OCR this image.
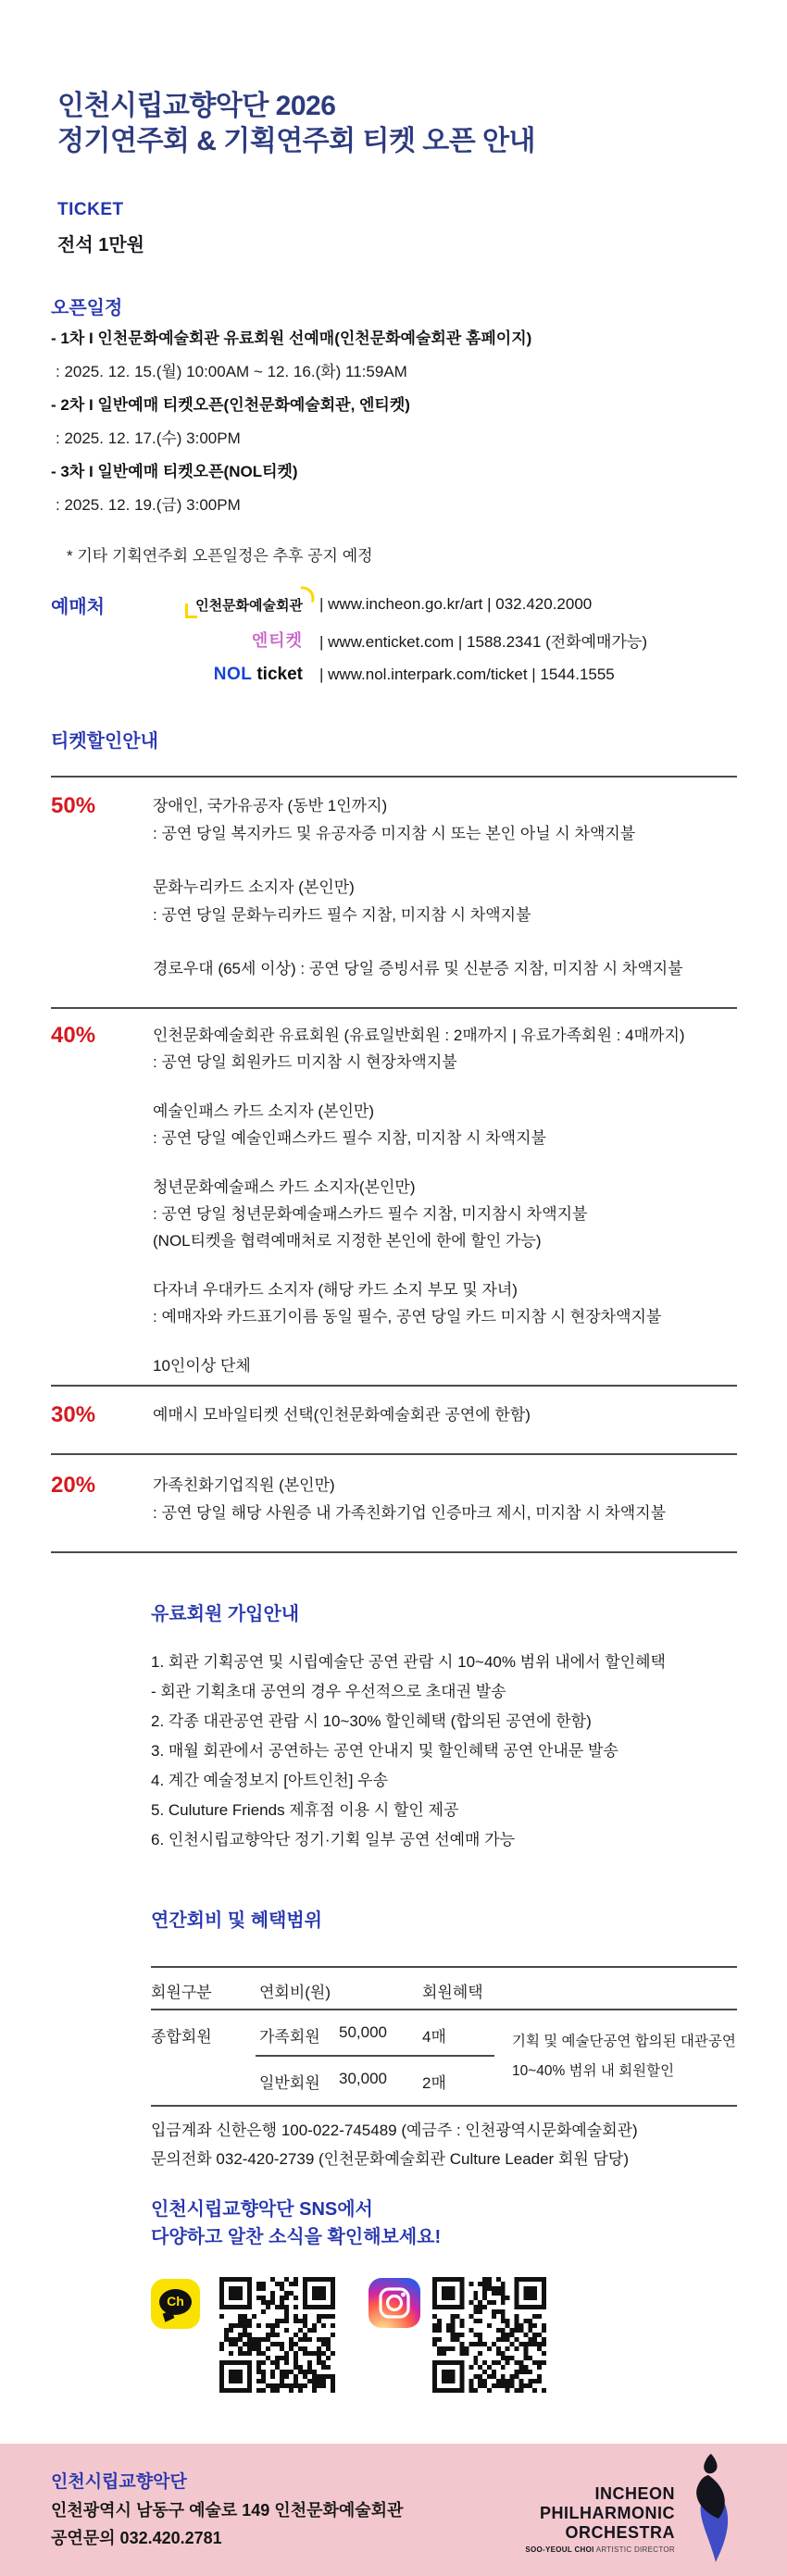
인천시립교향악단 2026
정기연주회 & 기획연주회 티켓 오픈 안내
TICKET
전석 1만원
오픈일정
- 1차 I 인천문화예술회관 유료회원 선예매(인천문화예술회관 홈페이지)
: 2025. 12. 15.(월) 10:00AM ~ 12. 16.(화) 11:59AM
- 2차 I 일반예매 티켓오픈(인천문화예술회관, 엔티켓)
: 2025. 12. 17.(수) 3:00PM
- 3차 I 일반예매 티켓오픈(NOL티켓)
: 2025. 12. 19.(금) 3:00PM
* 기타 기획연주회 오픈일정은 추후 공지 예정
예매처	인천문화예술회관	| www.incheon.go.kr/art | 032.420.2000
엔티켓	| www.enticket.com | 1588.2341 (전화예매가능)
NOL ticket	| www.nol.interpark.com/ticket | 1544.1555
티켓할인안내
50%	장애인, 국가유공자 (동반 1인까지)
: 공연 당일 복지카드 및 유공자증 미지참 시 또는 본인 아닐 시 차액지불
문화누리카드 소지자 (본인만)
: 공연 당일 문화누리카드 필수 지참, 미지참 시 차액지불
경로우대 (65세 이상) : 공연 당일 증빙서류 및 신분증 지참, 미지참 시 차액지불
40%	인천문화예술회관 유료회원 (유료일반회원 : 2매까지 | 유료가족회원 : 4매까지)
: 공연 당일 회원카드 미지참 시 현장차액지불
예술인패스 카드 소지자 (본인만)
: 공연 당일 예술인패스카드 필수 지참, 미지참 시 차액지불
청년문화예술패스 카드 소지자(본인만)
: 공연 당일 청년문화예술패스카드 필수 지참, 미지참시 차액지불
(NOL티켓을 협력예매처로 지정한 본인에 한에 할인 가능)
다자녀 우대카드 소지자 (해당 카드 소지 부모 및 자녀)
: 예매자와 카드표기이름 동일 필수, 공연 당일 카드 미지참 시 현장차액지불
10인이상 단체
30%	예매시 모바일티켓 선택(인천문화예술회관 공연에 한함)
20%	가족친화기업직원 (본인만)
: 공연 당일 해당 사원증 내 가족친화기업 인증마크 제시, 미지참 시 차액지불
유료회원 가입안내
1. 회관 기획공연 및 시립예술단 공연 관람 시 10~40% 범위 내에서 할인혜택
- 회관 기획초대 공연의 경우 우선적으로 초대권 발송
2. 각종 대관공연 관람 시 10~30% 할인혜택 (합의된 공연에 한함)
3. 매월 회관에서 공연하는 공연 안내지 및 할인혜택 공연 안내문 발송
4. 계간 예술정보지 [아트인천] 우송
5. Culuture Friends 제휴점 이용 시 할인 제공
6. 인천시립교향악단 정기·기획 일부 공연 선예매 가능
연간회비 및 혜택범위
회원구분	연회비(원)	회원혜택
종합회원	가족회원 50,000 4매
일반회원 30,000 2매
기획 및 예술단공연 합의된 대관공연
10~40% 범위 내 회원할인
입금계좌 신한은행 100-022-745489 (예금주 : 인천광역시문화예술회관)
문의전화 032-420-2739 (인천문화예술회관 Culture Leader 회원 담당)
인천시립교향악단 SNS에서
다양하고 알찬 소식을 확인해보세요!
Ch
인천시립교향악단
인천광역시 남동구 예술로 149 인천문화예술회관
공연문의 032.420.2781
INCHEON
PHILHARMONIC
ORCHESTRA
SOO-YEOUL CHOI ARTISTIC DIRECTOR
